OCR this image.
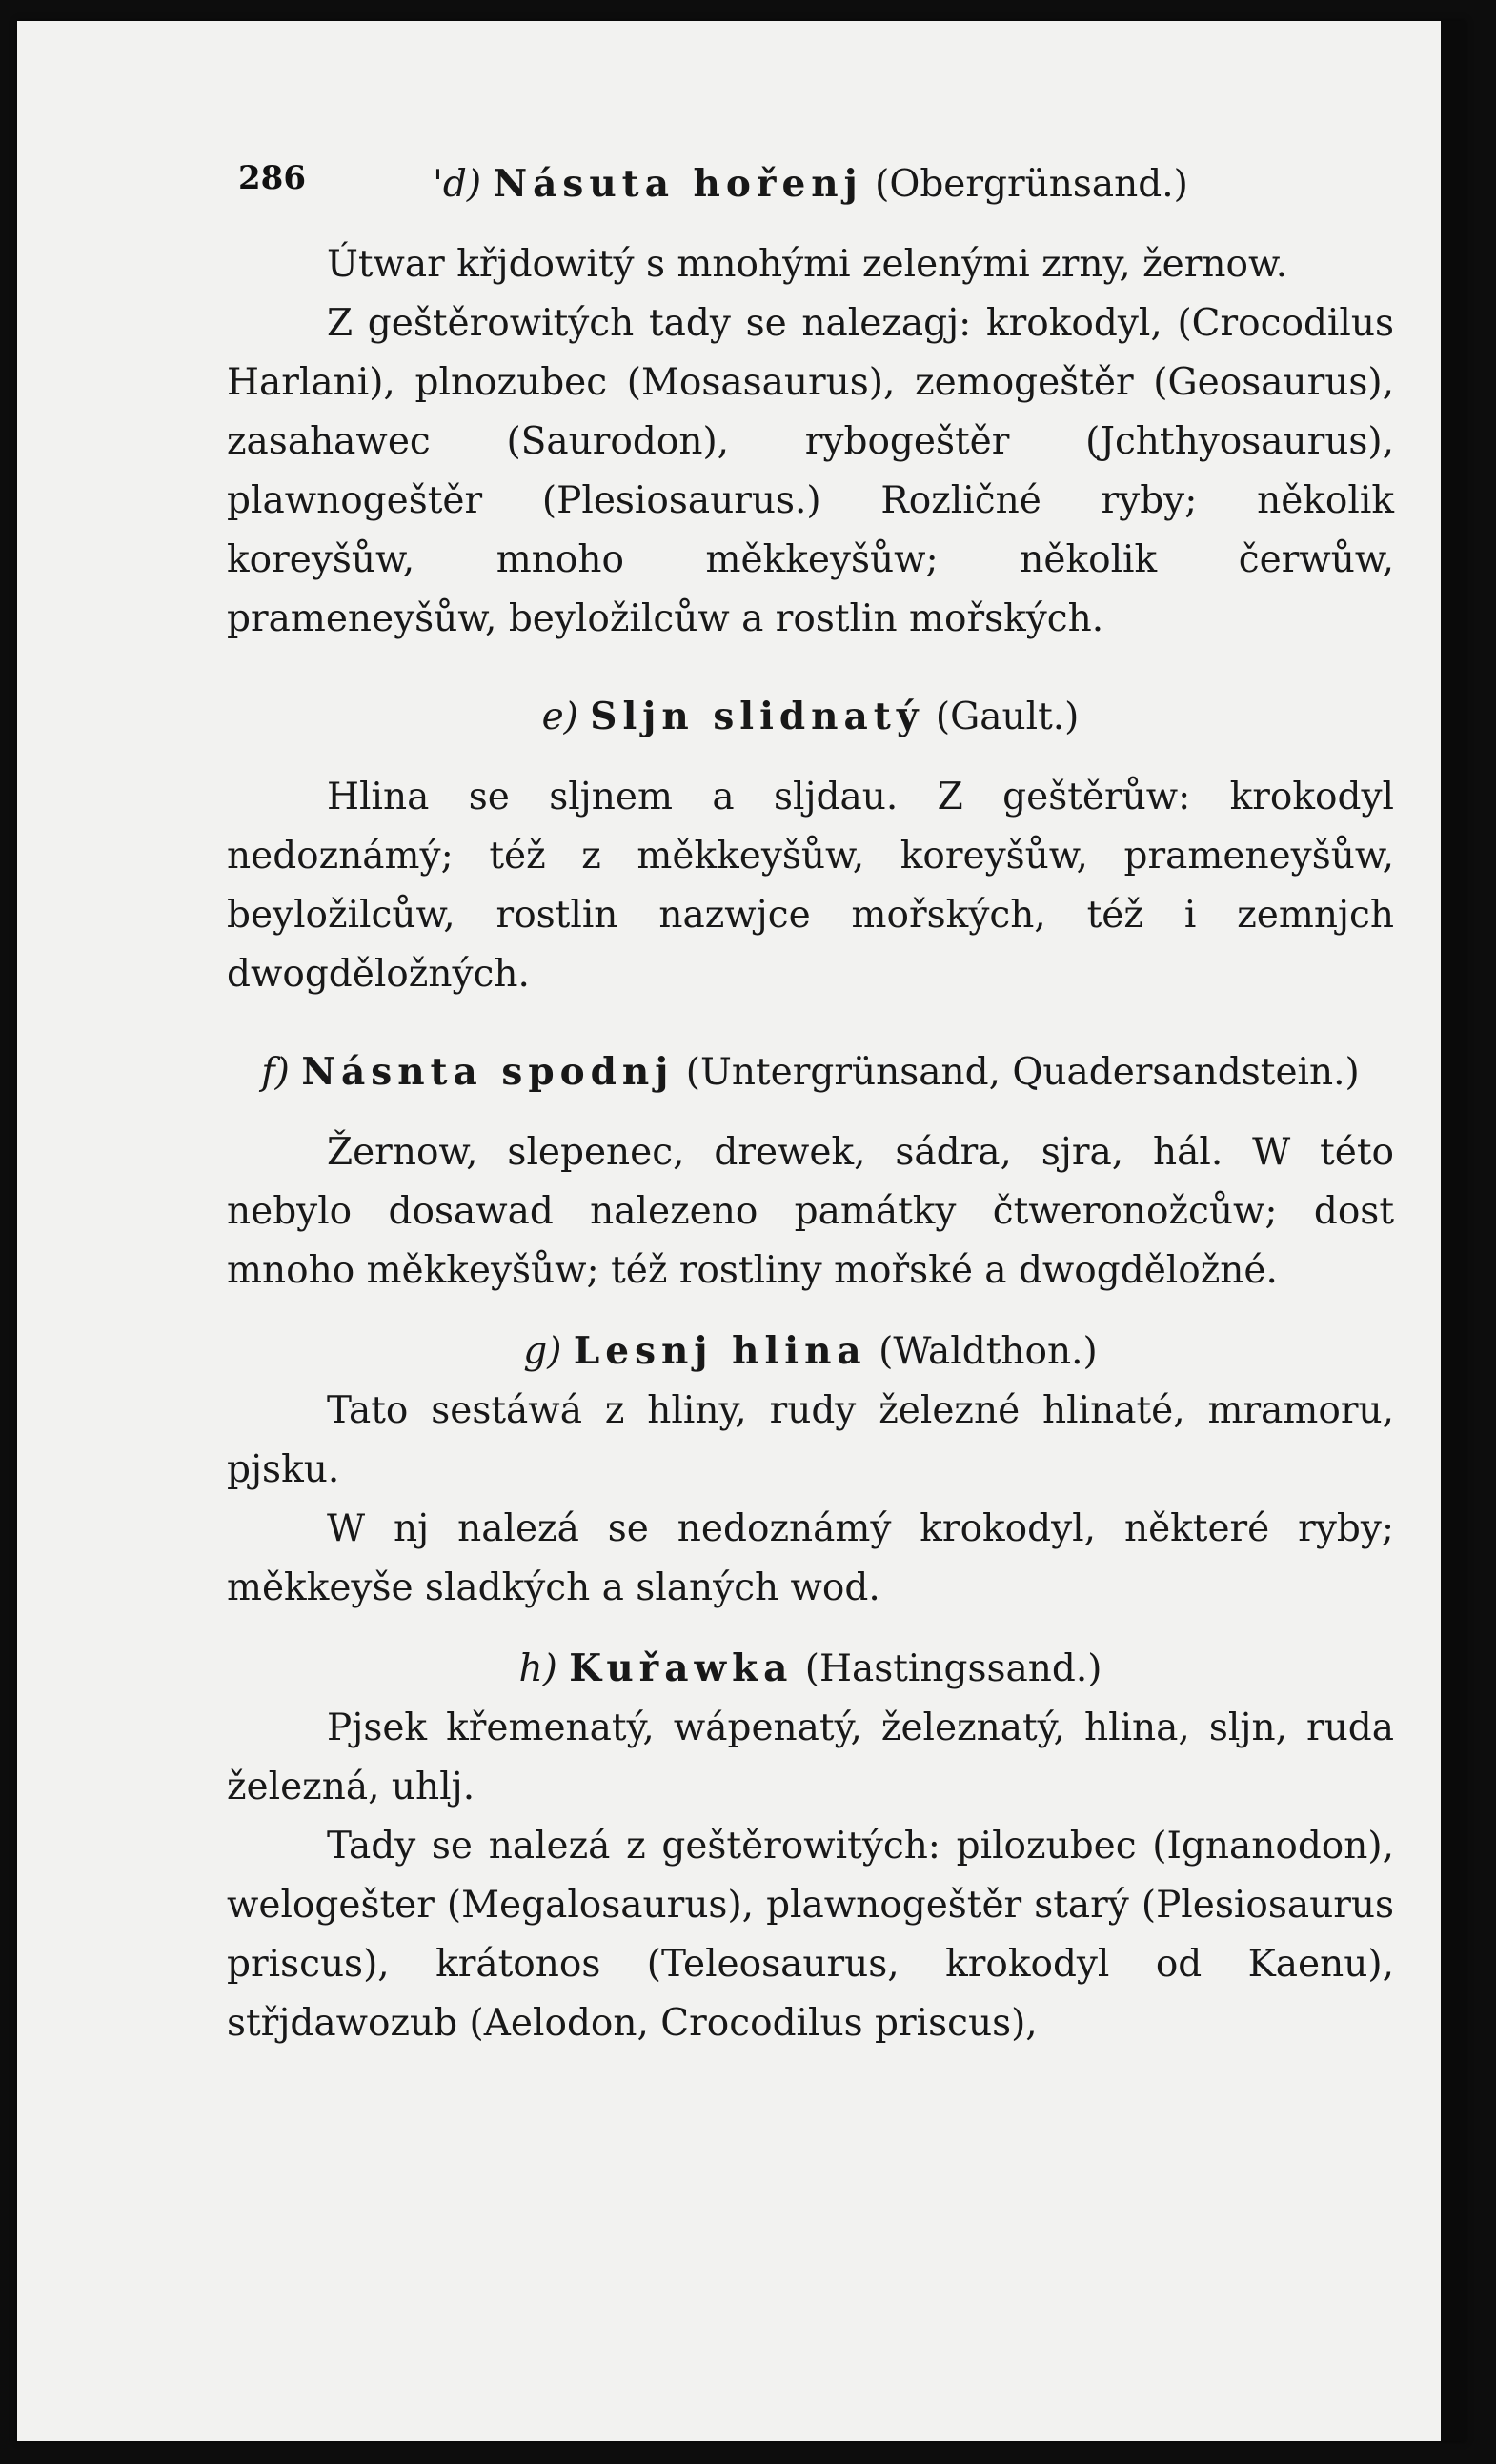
286	'd) Násuta hořenj (Obergrünsand.)

Útwar křjdowitý s mnohými zelenými zrny, žernow.

Z geštěrowitých tady se nalezagj: krokodyl, (Crocodilus Harlani), plnozubec (Mosasaurus), zemogeštěr (Geosaurus), zasahawec (Saurodon), rybogeštěr (Jchthyosaurus), plawnogeštěr (Plesiosaurus.) Rozličné ryby; několik koreyšůw, mnoho měkkeyšůw; několik čerwůw, prameneyšůw, beyložilcůw a rostlin mořských.

e) Sljn slidnatý (Gault.)

Hlina se sljnem a sljdau. Z geštěrůw: krokodyl nedoznámý; též z měkkeyšůw, koreyšůw, prameneyšůw, beyložilcůw, rostlin nazwjce mořských, též i zemnjch dwogděložných.

f) Násnta spodnj (Untergrünsand, Quadersandstein.)

Žernow, slepenec, drewek, sádra, sjra, hál. W této nebylo dosawad nalezeno památky čtweronožcůw; dost mnoho měkkeyšůw; též rostliny mořské a dwogděložné.

g) Lesnj hlina (Waldthon.)

Tato sestáwá z hliny, rudy železné hlinaté, mramoru, pjsku.

W nj nalezá se nedoznámý krokodyl, některé ryby; měkkeyše sladkých a slaných wod.

h) Kuřawka (Hastingssand.)

Pjsek křemenatý, wápenatý, železnatý, hlina, sljn, ruda železná, uhlj.

Tady se nalezá z geštěrowitých: pilozubec (Ignanodon), welogešter (Megalosaurus), plawnogeštěr starý (Plesiosaurus priscus), krátonos (Teleosaurus, krokodyl od Kaenu), střjdawozub (Aelodon, Crocodilus priscus),
